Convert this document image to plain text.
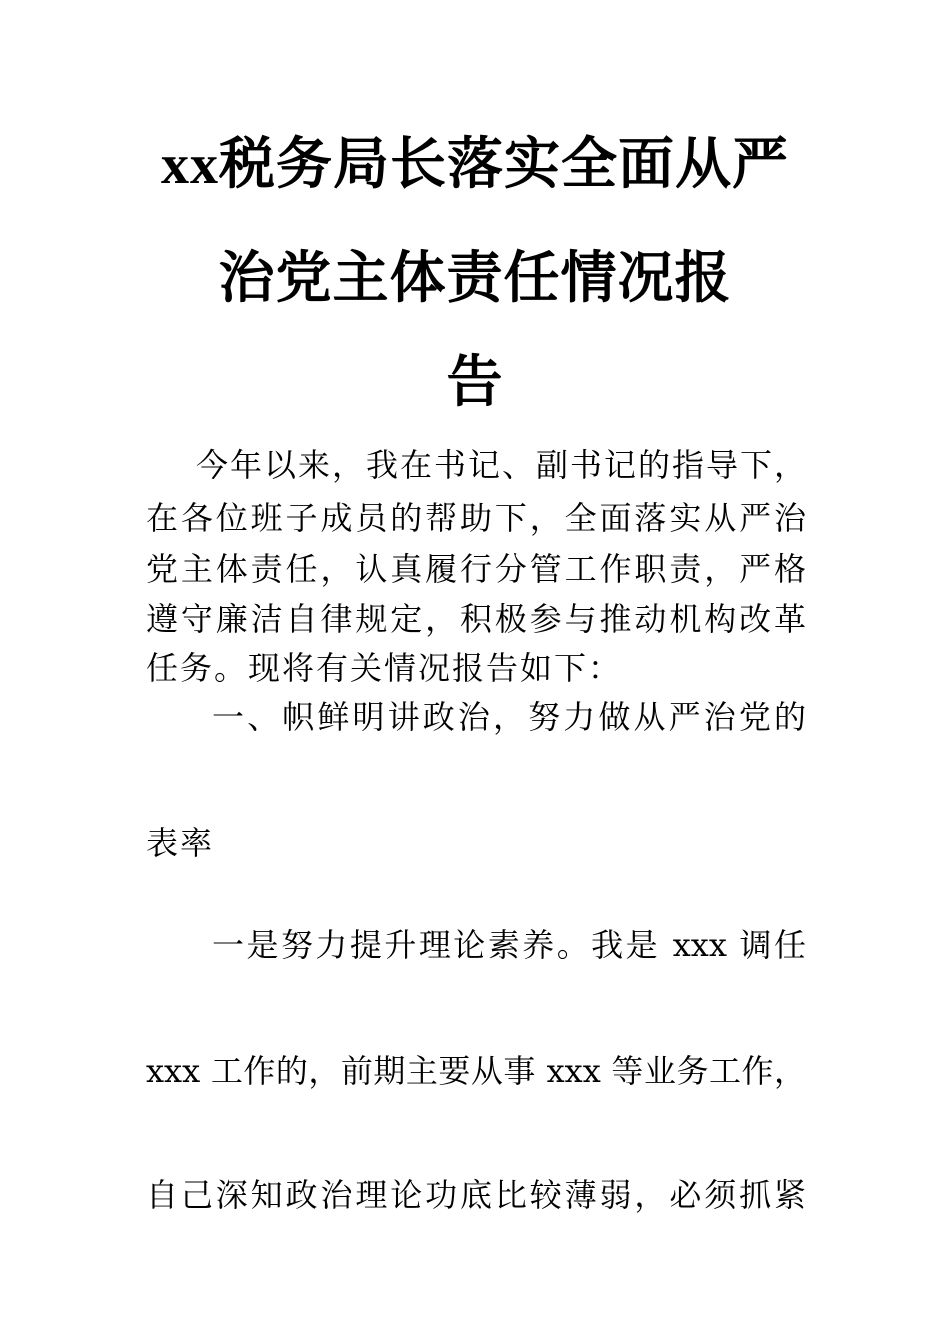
xx税务局长落实全面从严
治党主体责任情况报
告
今年以来，我在书记、副书记的指导下，
在各位班子成员的帮助下，全面落实从严治
党主体责任，认真履行分管工作职责，严格
遵守廉洁自律规定，积极参与推动机构改革
任务。现将有关情况报告如下：
一、帜鲜明讲政治，努力做从严治党的
表率
一是努力提升理论素养。我是 xxx 调任
xxx 工作的，前期主要从事 xxx 等业务工作，
自己深知政治理论功底比较薄弱，必须抓紧
